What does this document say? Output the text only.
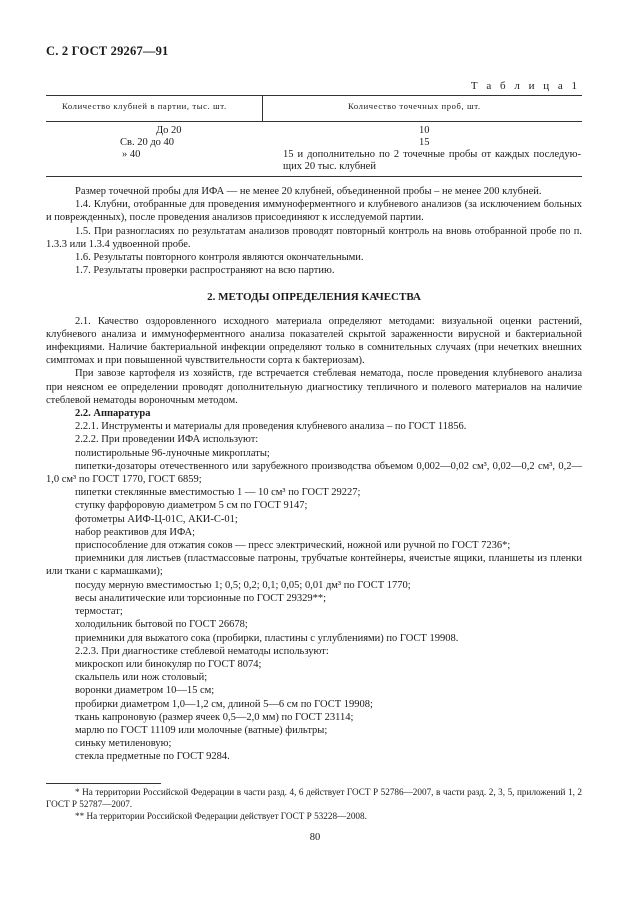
С. 2 ГОСТ 29267—91
Т а б л и ц а 1
Количество клубней в партии, тыс. шт.	Количество точечных проб, шт.
До 20	10
Св. 20 до 40	15
» 40	15 и дополнительно по 2 точечные пробы от каждых последую-щих 20 тыс. клубней

Размер точечной пробы для ИФА — не менее 20 клубней, объединенной пробы – не менее 200 клубней.

1.4. Клубни, отобранные для проведения иммуноферментного и клубневого анализов (за исключением больных и поврежденных), после проведения анализов присоединяют к исследуемой партии.

1.5. При разногласиях по результатам анализов проводят повторный контроль на вновь отобранной пробе по п. 1.3.3 или 1.3.4 удвоенной пробе.

1.6. Результаты повторного контроля являются окончательными.

1.7. Результаты проверки распространяют на всю партию.

2. МЕТОДЫ ОПРЕДЕЛЕНИЯ КАЧЕСТВА

2.1. Качество оздоровленного исходного материала определяют методами: визуальной оценки растений, клубневого анализа и иммуноферментного анализа показателей скрытой зараженности вирусной и бактериальной инфекциями. Наличие бактериальной инфекции определяют только в сомнительных случаях (при нечетких внешних симптомах и при повышенной чувствительности сорта к бактериозам).

При завозе картофеля из хозяйств, где встречается стеблевая нематода, после проведения клубневого анализа при неясном ее определении проводят дополнительную диагностику тепличного и полевого материалов на наличие стеблевой нематоды вороночным методом.

2.2. Аппаратура

2.2.1. Инструменты и материалы для проведения клубневого анализа – по ГОСТ 11856.

2.2.2. При проведении ИФА используют:

полистирольные 96-луночные микроплаты;

пипетки-дозаторы отечественного или зарубежного производства объемом 0,002—0,02 см³, 0,02—0,2 см³, 0,2—1,0 см³ по ГОСТ 1770, ГОСТ 6859;

пипетки стеклянные вместимостью 1 — 10 см³ по ГОСТ 29227;

ступку фарфоровую диаметром 5 см по ГОСТ 9147;

фотометры АИФ-Ц-01С, АКИ-С-01;

набор реактивов для ИФА;

приспособление для отжатия соков — пресс электрический, ножной или ручной по ГОСТ 7236*;

приемники для листьев (пластмассовые патроны, трубчатые контейнеры, ячеистые ящики, планшеты из пленки или ткани с кармашками);

посуду мерную вместимостью 1; 0,5; 0,2; 0,1; 0,05; 0,01 дм³ по ГОСТ 1770;

весы аналитические или торсионные по ГОСТ 29329**;

термостат;

холодильник бытовой по ГОСТ 26678;

приемники для выжатого сока (пробирки, пластины с углублениями) по ГОСТ 19908.

2.2.3. При диагностике стеблевой нематоды используют:

микроскоп или бинокуляр по ГОСТ 8074;

скальпель или нож столовый;

воронки диаметром 10—15 см;

пробирки диаметром 1,0—1,2 см, длиной 5—6 см по ГОСТ 19908;

ткань капроновую (размер ячеек 0,5—2,0 мм) по ГОСТ 23114;

марлю по ГОСТ 11109 или молочные (ватные) фильтры;

синьку метиленовую;

стекла предметные по ГОСТ 9284.

* На территории Российской Федерации в части разд. 4, 6 действует ГОСТ Р 52786—2007, в части разд. 2, 3, 5, приложений 1, 2 ГОСТ Р 52787—2007.

** На территории Российской Федерации действует ГОСТ Р 53228—2008.

80
